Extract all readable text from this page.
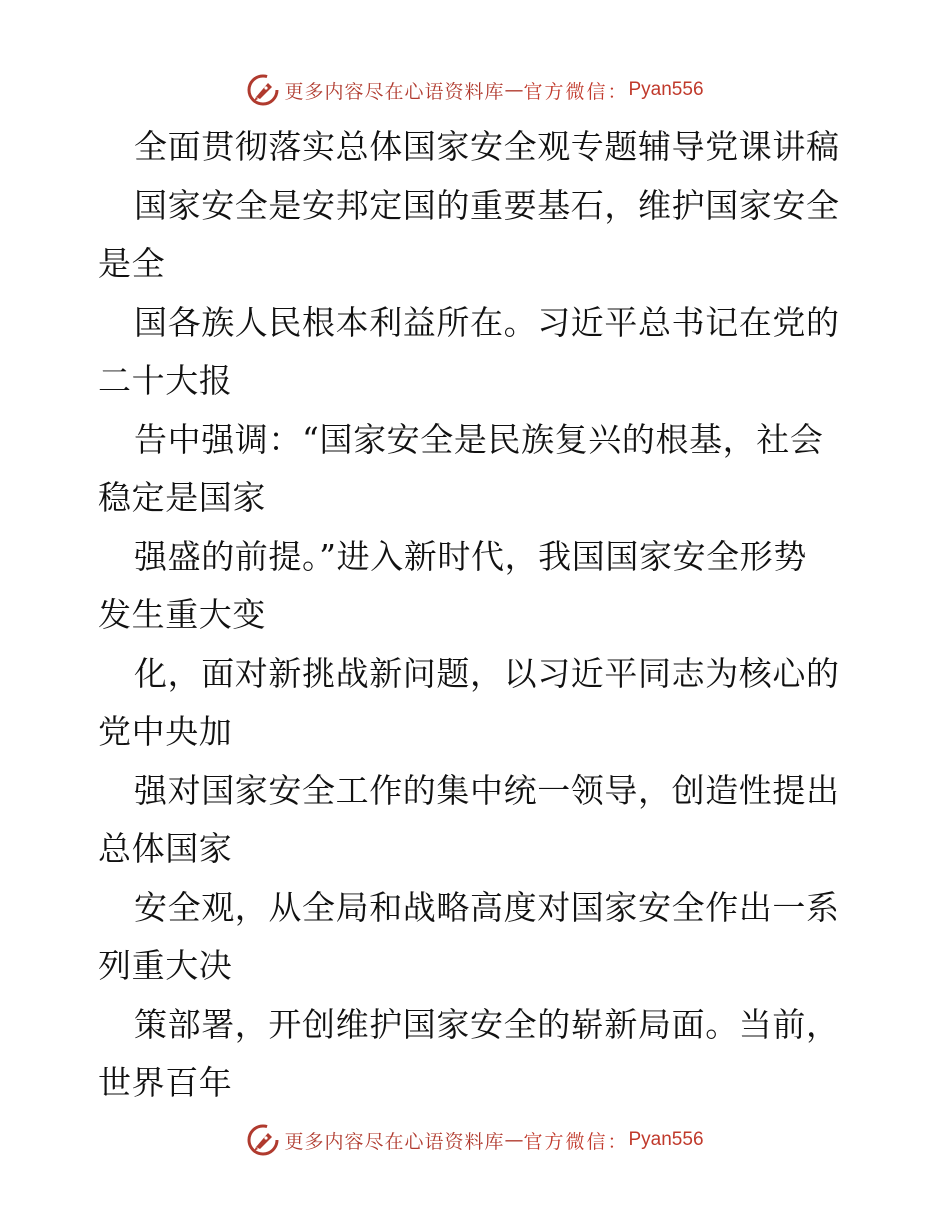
更多内容尽在心语资料库 — 官方微信： Pyan556
全面贯彻落实总体国家安全观专题辅导党课讲稿
国家安全是安邦定国的重要基石，维护国家安全
是全
国各族人民根本利益所在。习近平总书记在党的
二十大报
告中强调：“国家安全是民族复兴的根基，社会
稳定是国家
强盛的前提。”进入新时代，我国国家安全形势
发生重大变
化，面对新挑战新问题，以习近平同志为核心的
党中央加
强对国家安全工作的集中统一领导，创造性提出
总体国家
安全观，从全局和战略高度对国家安全作出一系
列重大决
策部署，开创维护国家安全的崭新局面。当前，
世界百年
更多内容尽在心语资料库 — 官方微信： Pyan556
